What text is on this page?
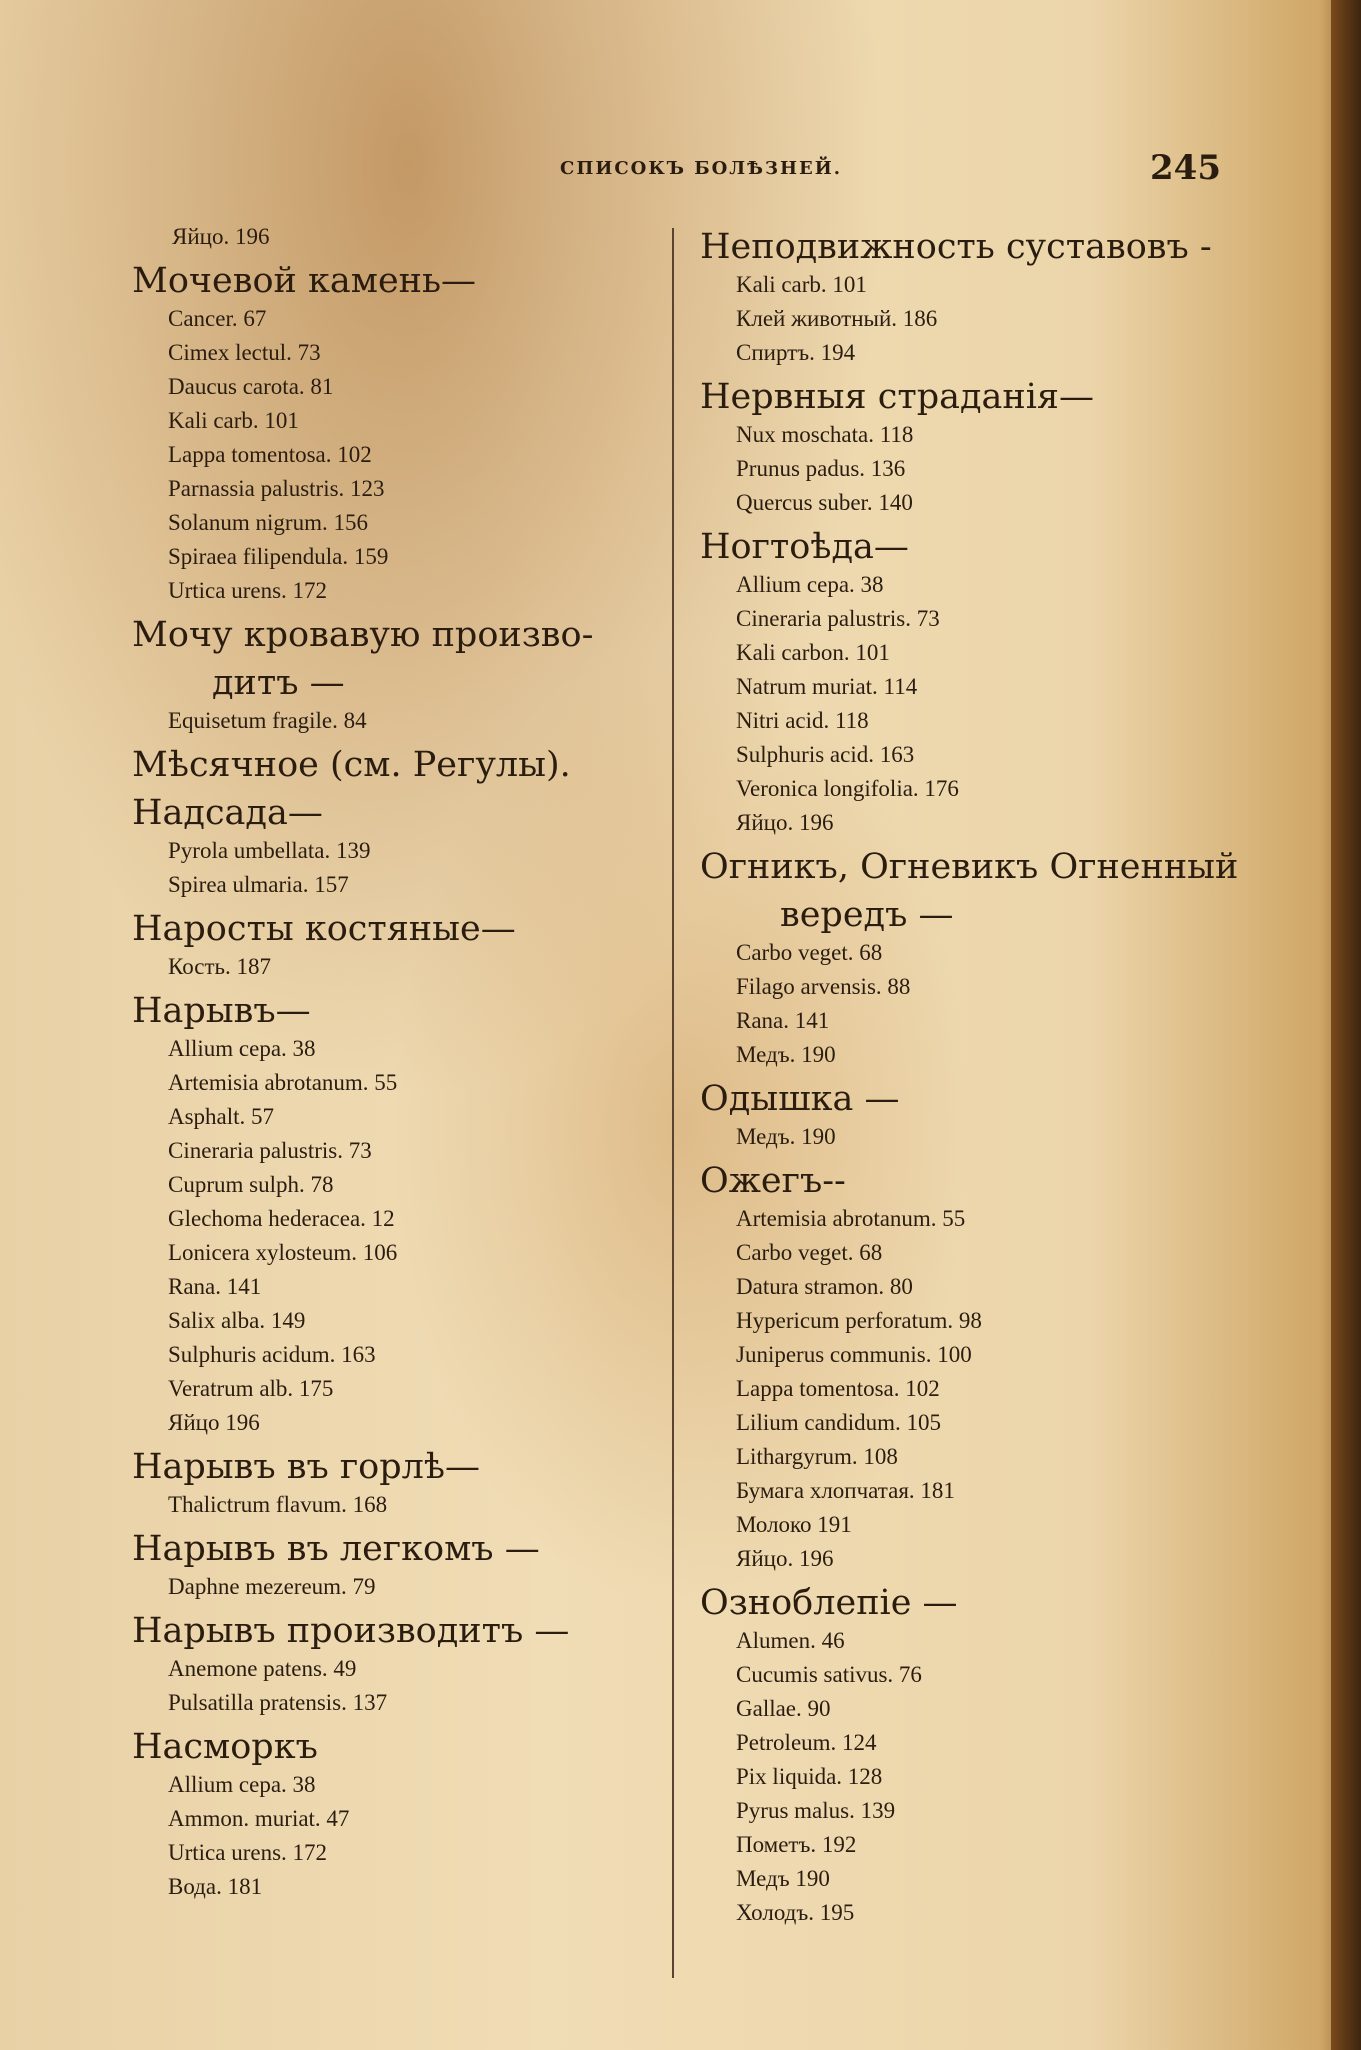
СПИСОКЪ БОЛѢЗНЕЙ.	245
Яйцо. 196
Мочевой камень—
Cancer. 67
Cimex lectul. 73
Daucus carota. 81
Kali carb. 101
Lappa tomentosa. 102
Parnassia palustris. 123
Solanum nigrum. 156
Spiraea filipendula. 159
Urtica urens. 172
Мочу кровавую произво-
дитъ —
Equisetum fragile. 84
Мѣсячное (см. Регулы).
Надсада—
Pyrola umbellata. 139
Spirea ulmaria. 157
Наросты костяные—
Кость. 187
Нарывъ—
Allium cepa. 38
Artemisia abrotanum. 55
Asphalt. 57
Cineraria palustris. 73
Cuprum sulph. 78
Glechoma hederacea. 12
Lonicera xylosteum. 106
Rana. 141
Salix alba. 149
Sulphuris acidum. 163
Veratrum alb. 175
Яйцо 196
Нарывъ въ горлѣ—
Thalictrum flavum. 168
Нарывъ въ легкомъ —
Daphne mezereum. 79
Нарывъ производитъ —
Anemone patens. 49
Pulsatilla pratensis. 137
Насморкъ
Allium cepa. 38
Ammon. muriat. 47
Urtica urens. 172
Вода. 181
Неподвижность суставовъ -
Kali carb. 101
Клей животный. 186
Спиртъ. 194
Нервныя страданія—
Nux moschata. 118
Prunus padus. 136
Quercus suber. 140
Ногтоѣда—
Allium cepa. 38
Cineraria palustris. 73
Kali carbon. 101
Natrum muriat. 114
Nitri acid. 118
Sulphuris acid. 163
Veronica longifolia. 176
Яйцо. 196
Огникъ, Огневикъ Огненный
вередъ —
Carbo veget. 68
Filago arvensis. 88
Rana. 141
Медъ. 190
Одышка —
Медъ. 190
Ожегъ--
Artemisia abrotanum. 55
Carbo veget. 68
Datura stramon. 80
Hypericum perforatum. 98
Juniperus communis. 100
Lappa tomentosa. 102
Lilium candidum. 105
Lithargyrum. 108
Бумага хлопчатая. 181
Молоко 191
Яйцо. 196
Озноблепіе —
Alumen. 46
Cucumis sativus. 76
Gallae. 90
Petroleum. 124
Pix liquida. 128
Pyrus malus. 139
Пометъ. 192
Медъ 190
Холодъ. 195
